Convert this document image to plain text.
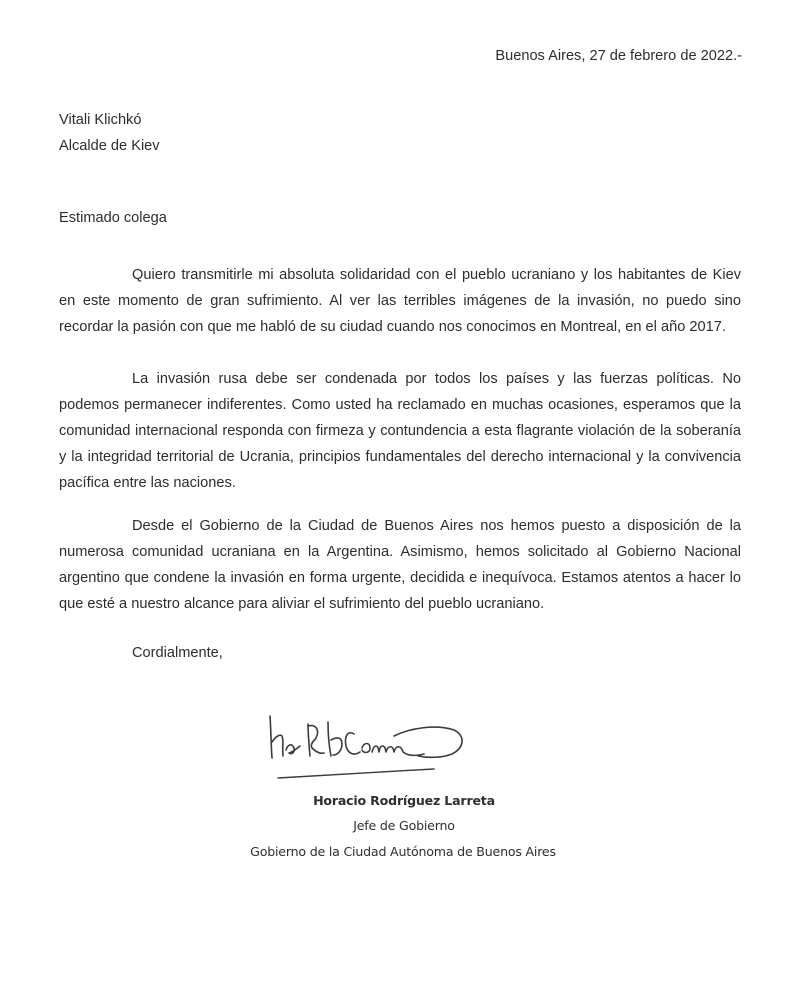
Buenos Aires, 27 de febrero de 2022.-
Vitali Klichkó
Alcalde de Kiev
Estimado colega

Quiero transmitirle mi absoluta solidaridad con el pueblo ucraniano y los habitantes de Kiev en este momento de gran sufrimiento. Al ver las terribles imágenes de la invasión, no puedo sino recordar la pasión con que me habló de su ciudad cuando nos conocimos en Montreal, en el año 2017.

La invasión rusa debe ser condenada por todos los países y las fuerzas políticas. No podemos permanecer indiferentes. Como usted ha reclamado en muchas ocasiones, esperamos que la comunidad internacional responda con firmeza y contundencia a esta flagrante violación de la soberanía y la integridad territorial de Ucrania, principios fundamentales del derecho internacional y la convivencia pacífica entre las naciones.

Desde el Gobierno de la Ciudad de Buenos Aires nos hemos puesto a disposición de la numerosa comunidad ucraniana en la Argentina. Asimismo, hemos solicitado al Gobierno Nacional argentino que condene la invasión en forma urgente, decidida e inequívoca. Estamos atentos a hacer lo que esté a nuestro alcance para aliviar el sufrimiento del pueblo ucraniano.

Cordialmente,
Horacio Rodríguez Larreta
Jefe de Gobierno
Gobierno de la Ciudad Autónoma de Buenos Aires
